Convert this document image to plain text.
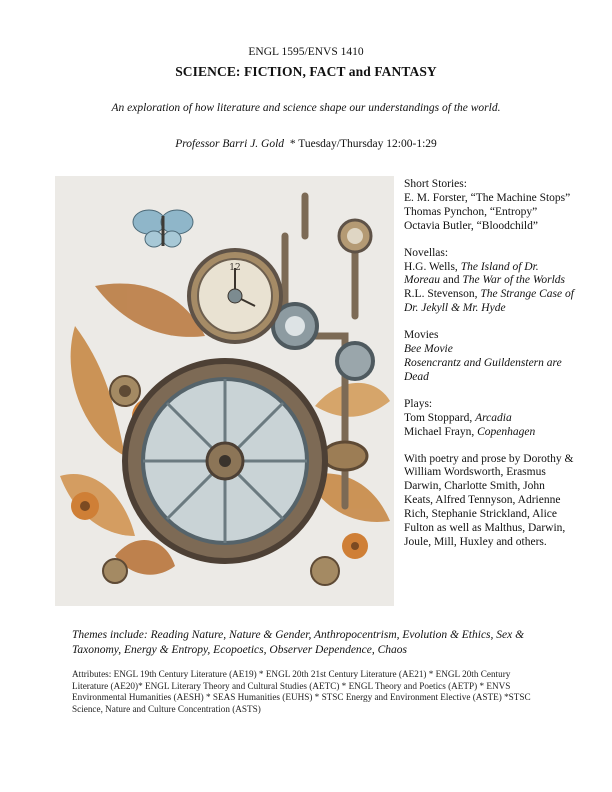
ENGL 1595/ENVS 1410
SCIENCE: FICTION, FACT and FANTASY
An exploration of how literature and science shape our understandings of the world.
Professor Barri J. Gold * Tuesday/Thursday 12:00-1:29
12
Short Stories:
E. M. Forster, “The Machine Stops”
Thomas Pynchon, “Entropy”
Octavia Butler, “Bloodchild”
Novellas:
H.G. Wells, The Island of Dr. Moreau and The War of the Worlds
R.L. Stevenson, The Strange Case of Dr. Jekyll & Mr. Hyde
Movies
Bee Movie
Rosencrantz and Guildenstern are Dead
Plays:
Tom Stoppard, Arcadia
Michael Frayn, Copenhagen
With poetry and prose by Dorothy & William Wordsworth, Erasmus Darwin, Charlotte Smith, John Keats, Alfred Tennyson, Adrienne Rich, Stephanie Strickland, Alice Fulton as well as Malthus, Darwin, Joule, Mill, Huxley and others.
Themes include: Reading Nature, Nature & Gender, Anthropocentrism, Evolution & Ethics, Sex & Taxonomy, Energy & Entropy, Ecopoetics, Observer Dependence, Chaos
Attributes: ENGL 19th Century Literature (AE19) * ENGL 20th 21st Century Literature (AE21) * ENGL 20th Century Literature (AE20)* ENGL Literary Theory and Cultural Studies (AETC) * ENGL Theory and Poetics (AETP) * ENVS Environmental Humanities (AESH) * SEAS Humanities (EUHS) * STSC Energy and Environment Elective (ASTE) *STSC Science, Nature and Culture Concentration (ASTS)
